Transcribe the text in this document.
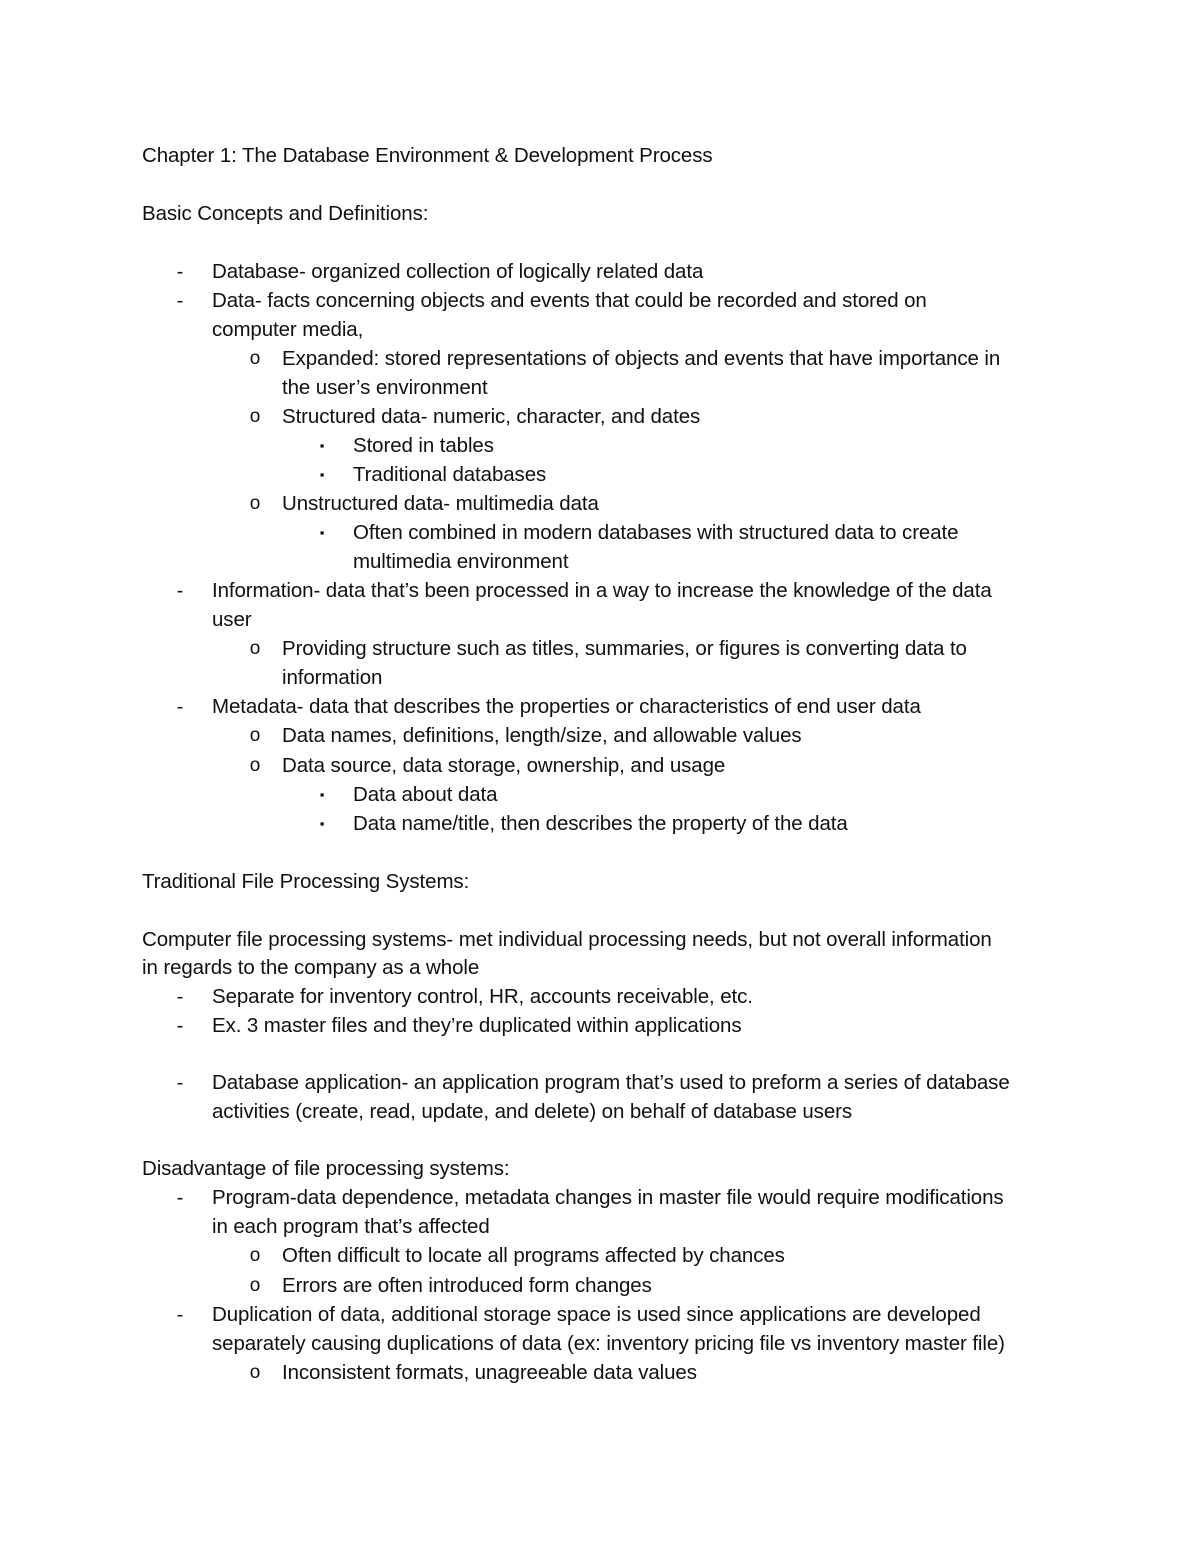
Chapter 1: The Database Environment & Development Process
Basic Concepts and Definitions:
-	Database- organized collection of logically related data
-	Data- facts concerning objects and events that could be recorded and stored on
computer media,
o	Expanded: stored representations of objects and events that have importance in
the user’s environment
o	Structured data- numeric, character, and dates
▪	Stored in tables
▪	Traditional databases
o	Unstructured data- multimedia data
▪	Often combined in modern databases with structured data to create
multimedia environment
-	Information- data that’s been processed in a way to increase the knowledge of the data
user
o	Providing structure such as titles, summaries, or figures is converting data to
information
-	Metadata- data that describes the properties or characteristics of end user data
o	Data names, definitions, length/size, and allowable values
o	Data source, data storage, ownership, and usage
▪	Data about data
▪	Data name/title, then describes the property of the data
Traditional File Processing Systems:
Computer file processing systems- met individual processing needs, but not overall information
in regards to the company as a whole
-	Separate for inventory control, HR, accounts receivable, etc.
-	Ex. 3 master files and they’re duplicated within applications
-	Database application- an application program that’s used to preform a series of database
activities (create, read, update, and delete) on behalf of database users
Disadvantage of file processing systems:
-	Program-data dependence, metadata changes in master file would require modifications
in each program that’s affected
o	Often difficult to locate all programs affected by chances
o	Errors are often introduced form changes
-	Duplication of data, additional storage space is used since applications are developed
separately causing duplications of data (ex: inventory pricing file vs inventory master file)
o	Inconsistent formats, unagreeable data values
